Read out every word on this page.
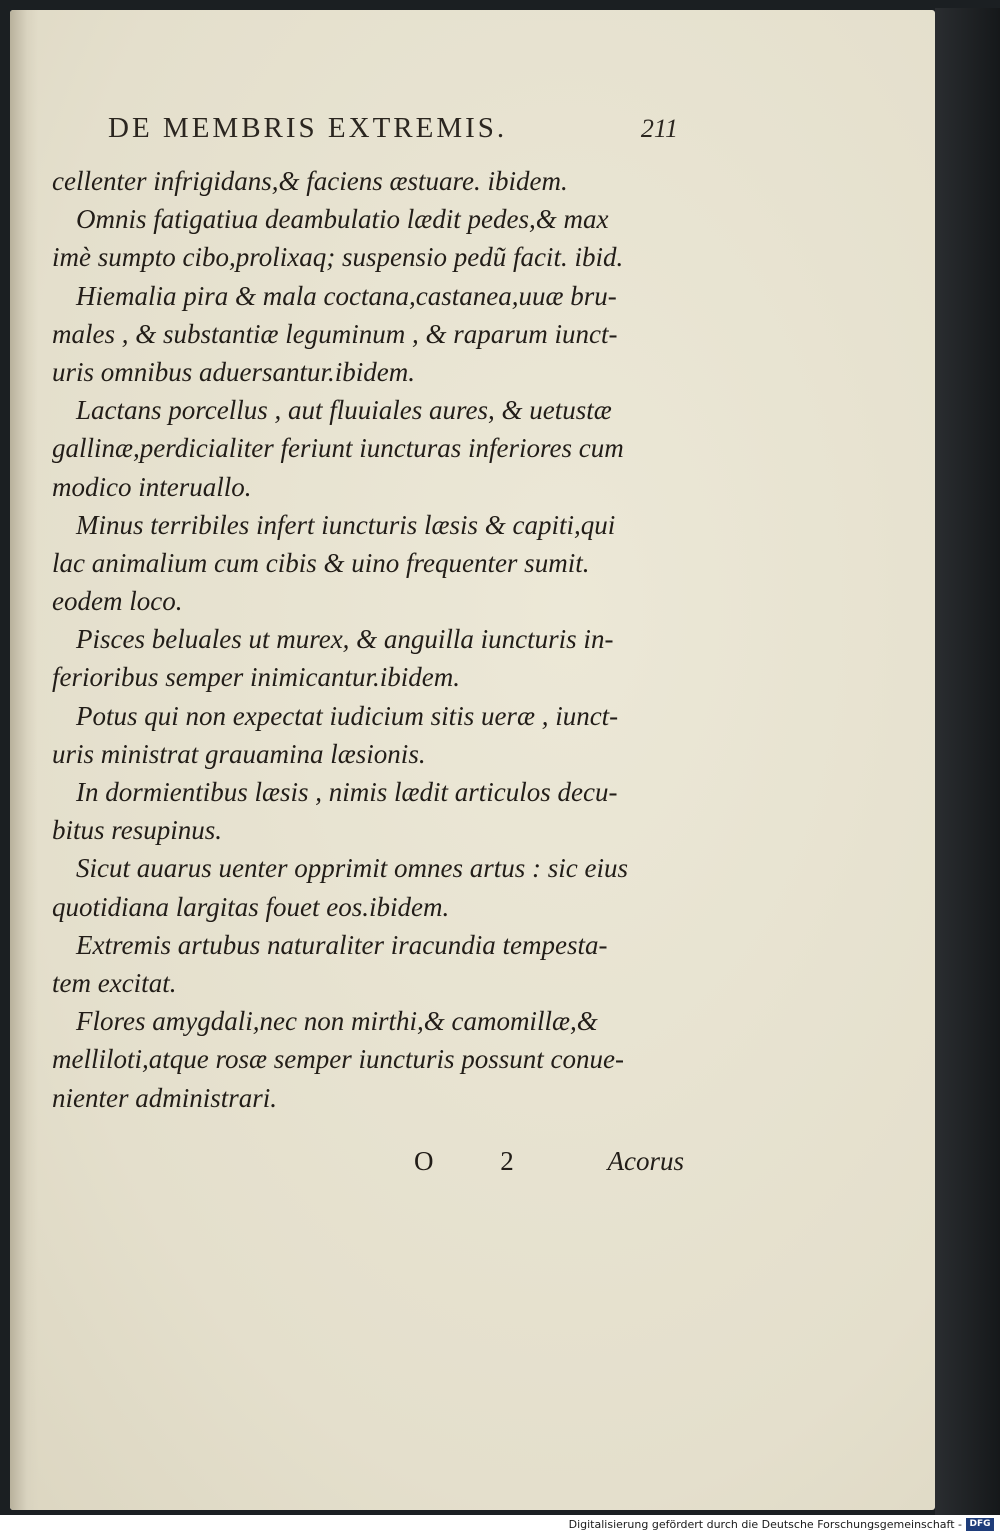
DE MEMBRIS EXTREMIS.	211
cellenter infrigidans,& faciens æstuare. ibidem.
Omnis fatigatiua deambulatio lædit pedes,& max
imè sumpto cibo,prolixaq; suspensio pedũ facit. ibid.
Hiemalia pira & mala coctana,castanea,uuæ bru-
males , & substantiæ leguminum , & raparum iunct-
uris omnibus aduersantur.ibidem.
Lactans porcellus , aut fluuiales aures, & uetustæ
gallinæ,perdicialiter feriunt iuncturas inferiores cum
modico interuallo.
Minus terribiles infert iuncturis læsis & capiti,qui
lac animalium cum cibis & uino frequenter sumit.
eodem loco.
Pisces beluales ut murex, & anguilla iuncturis in-
ferioribus semper inimicantur.ibidem.
Potus qui non expectat iudicium sitis ueræ , iunct-
uris ministrat grauamina læsionis.
In dormientibus læsis , nimis lædit articulos decu-
bitus resupinus.
Sicut auarus uenter opprimit omnes artus : sic eius
quotidiana largitas fouet eos.ibidem.
Extremis artubus naturaliter iracundia tempesta-
tem excitat.
Flores amygdali,nec non mirthi,& camomillæ,&
melliloti,atque rosæ semper iuncturis possunt conue-
nienter administrari.
O 2 Acorus
Digitalisierung gefördert durch die Deutsche Forschungsgemeinschaft - DFG
